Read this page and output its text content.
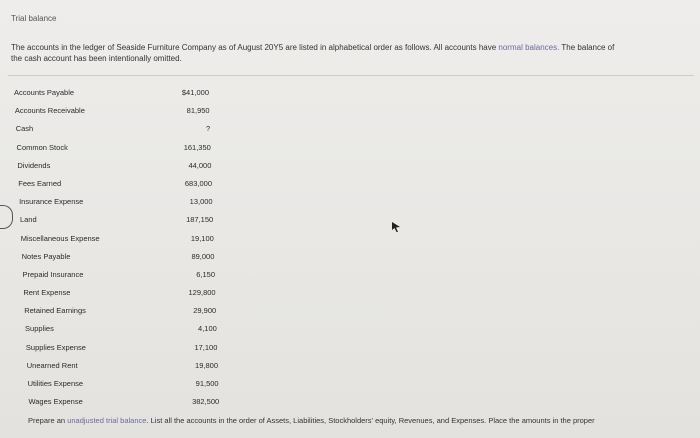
Trial balance
The accounts in the ledger of Seaside Furniture Company as of August 20Y5 are listed in alphabetical order as follows. All accounts have normal balances. The balance of
the cash account has been intentionally omitted.
Accounts Payable	$41,000
Accounts Receivable	81,950
Cash	?
Common Stock	161,350
Dividends	44,000
Fees Earned	683,000
Insurance Expense	13,000
Land	187,150
Miscellaneous Expense	19,100
Notes Payable	89,000
Prepaid Insurance	6,150
Rent Expense	129,800
Retained Earnings	29,900
Supplies	4,100
Supplies Expense	17,100
Unearned Rent	19,800
Utilities Expense	91,500
Wages Expense	382,500
Prepare an unadjusted trial balance. List all the accounts in the order of Assets, Liabilities, Stockholders' equity, Revenues, and Expenses. Place the amounts in the proper
